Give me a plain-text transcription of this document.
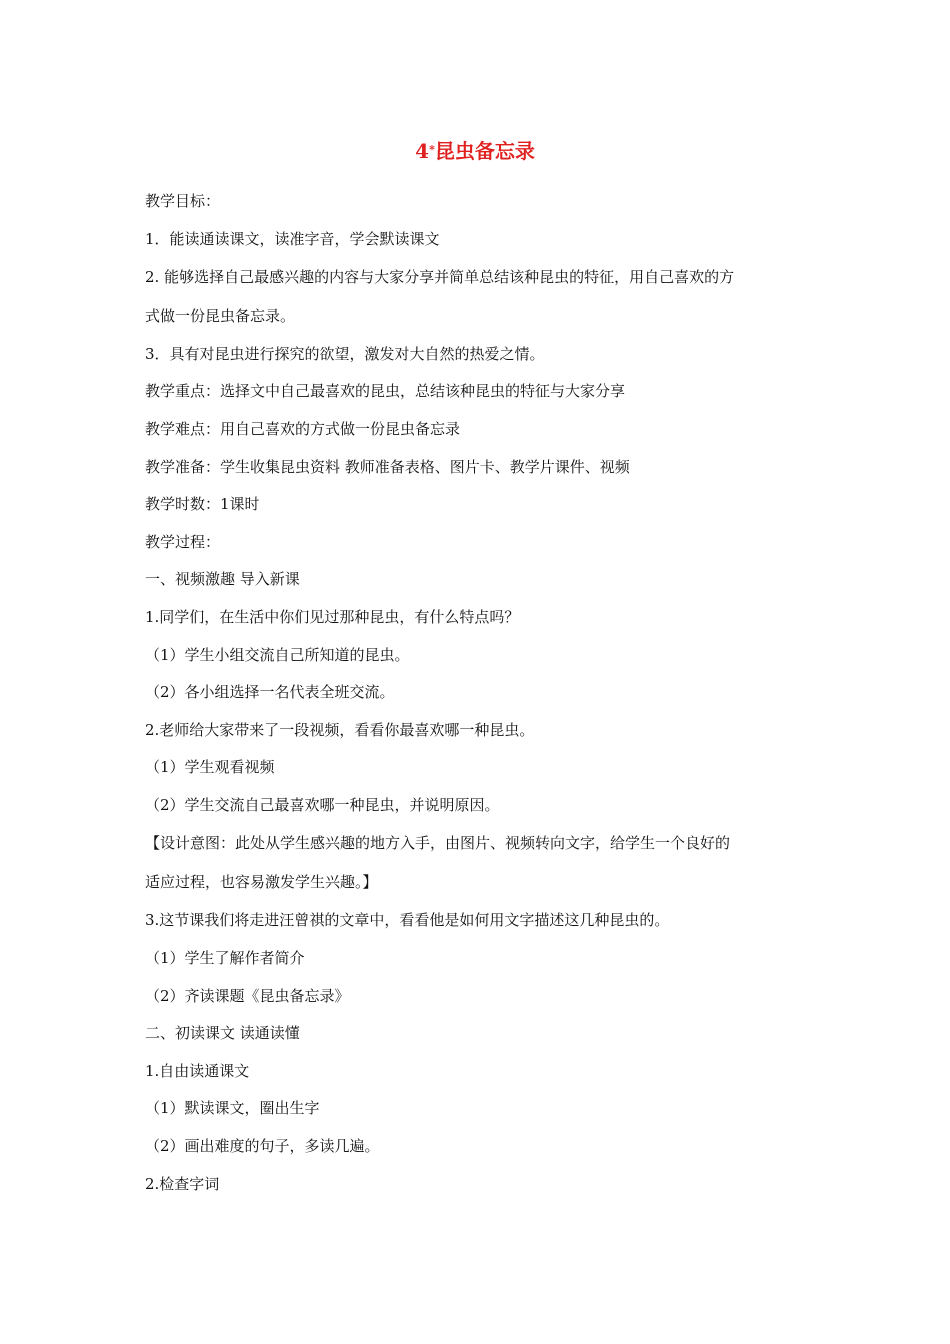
4*昆虫备忘录
教学目标：
1．能读通读课文，读准字音，学会默读课文
2. 能够选择自己最感兴趣的内容与大家分享并简单总结该种昆虫的特征，用自己喜欢的方
式做一份昆虫备忘录。
3．具有对昆虫进行探究的欲望，激发对大自然的热爱之情。
教学重点：选择文中自己最喜欢的昆虫，总结该种昆虫的特征与大家分享
教学难点：用自己喜欢的方式做一份昆虫备忘录
教学准备：学生收集昆虫资料 教师准备表格、图片卡、教学片课件、视频
教学时数：1课时
教学过程：
一、视频激趣 导入新课
1.同学们，在生活中你们见过那种昆虫，有什么特点吗？
（1）学生小组交流自己所知道的昆虫。
（2）各小组选择一名代表全班交流。
2.老师给大家带来了一段视频，看看你最喜欢哪一种昆虫。
（1）学生观看视频
（2）学生交流自己最喜欢哪一种昆虫，并说明原因。
【设计意图：此处从学生感兴趣的地方入手，由图片、视频转向文字，给学生一个良好的
适应过程，也容易激发学生兴趣。】
3.这节课我们将走进汪曾祺的文章中，看看他是如何用文字描述这几种昆虫的。
（1）学生了解作者简介
（2）齐读课题《昆虫备忘录》
二、初读课文 读通读懂
1.自由读通课文
（1）默读课文，圈出生字
（2）画出难度的句子，多读几遍。
2.检查字词
